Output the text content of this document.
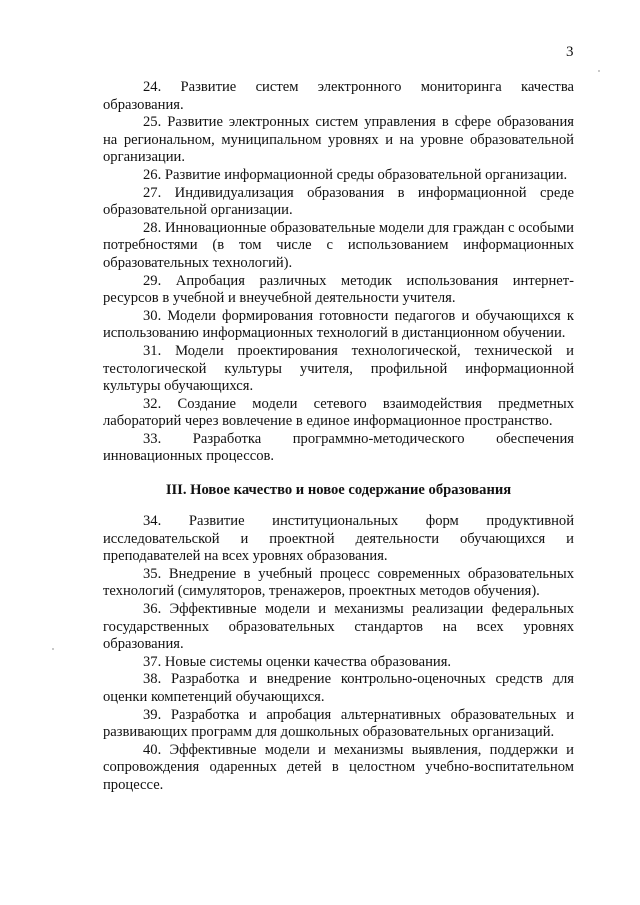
3

24. Развитие систем электронного мониторинга качества образования.

25. Развитие электронных систем управления в сфере образования на региональном, муниципальном уровнях и на уровне образовательной организации.

26. Развитие информационной среды образовательной организации.

27. Индивидуализация образования в информационной среде образовательной организации.

28. Инновационные образовательные модели для граждан с особыми потребностями (в том числе с использованием информационных образовательных технологий).

29. Апробация различных методик использования интернет-ресурсов в учебной и внеучебной деятельности учителя.

30. Модели формирования готовности педагогов и обучающихся к использованию информационных технологий в дистанционном обучении.

31. Модели проектирования технологической, технической и тестологической культуры учителя, профильной информационной культуры обучающихся.

32. Создание модели сетевого взаимодействия предметных лабораторий через вовлечение в единое информационное пространство.

33. Разработка программно-методического обеспечения инновационных процессов.

III. Новое качество и новое содержание образования

34. Развитие институциональных форм продуктивной исследовательской и проектной деятельности обучающихся и преподавателей на всех уровнях образования.

35. Внедрение в учебный процесс современных образовательных технологий (симуляторов, тренажеров, проектных методов обучения).

36. Эффективные модели и механизмы реализации федеральных государственных образовательных стандартов на всех уровнях образования.

37. Новые системы оценки качества образования.

38. Разработка и внедрение контрольно-оценочных средств для оценки компетенций обучающихся.

39. Разработка и апробация альтернативных образовательных и развивающих программ для дошкольных образовательных организаций.

40. Эффективные модели и механизмы выявления, поддержки и сопровождения одаренных детей в целостном учебно-воспитательном процессе.
